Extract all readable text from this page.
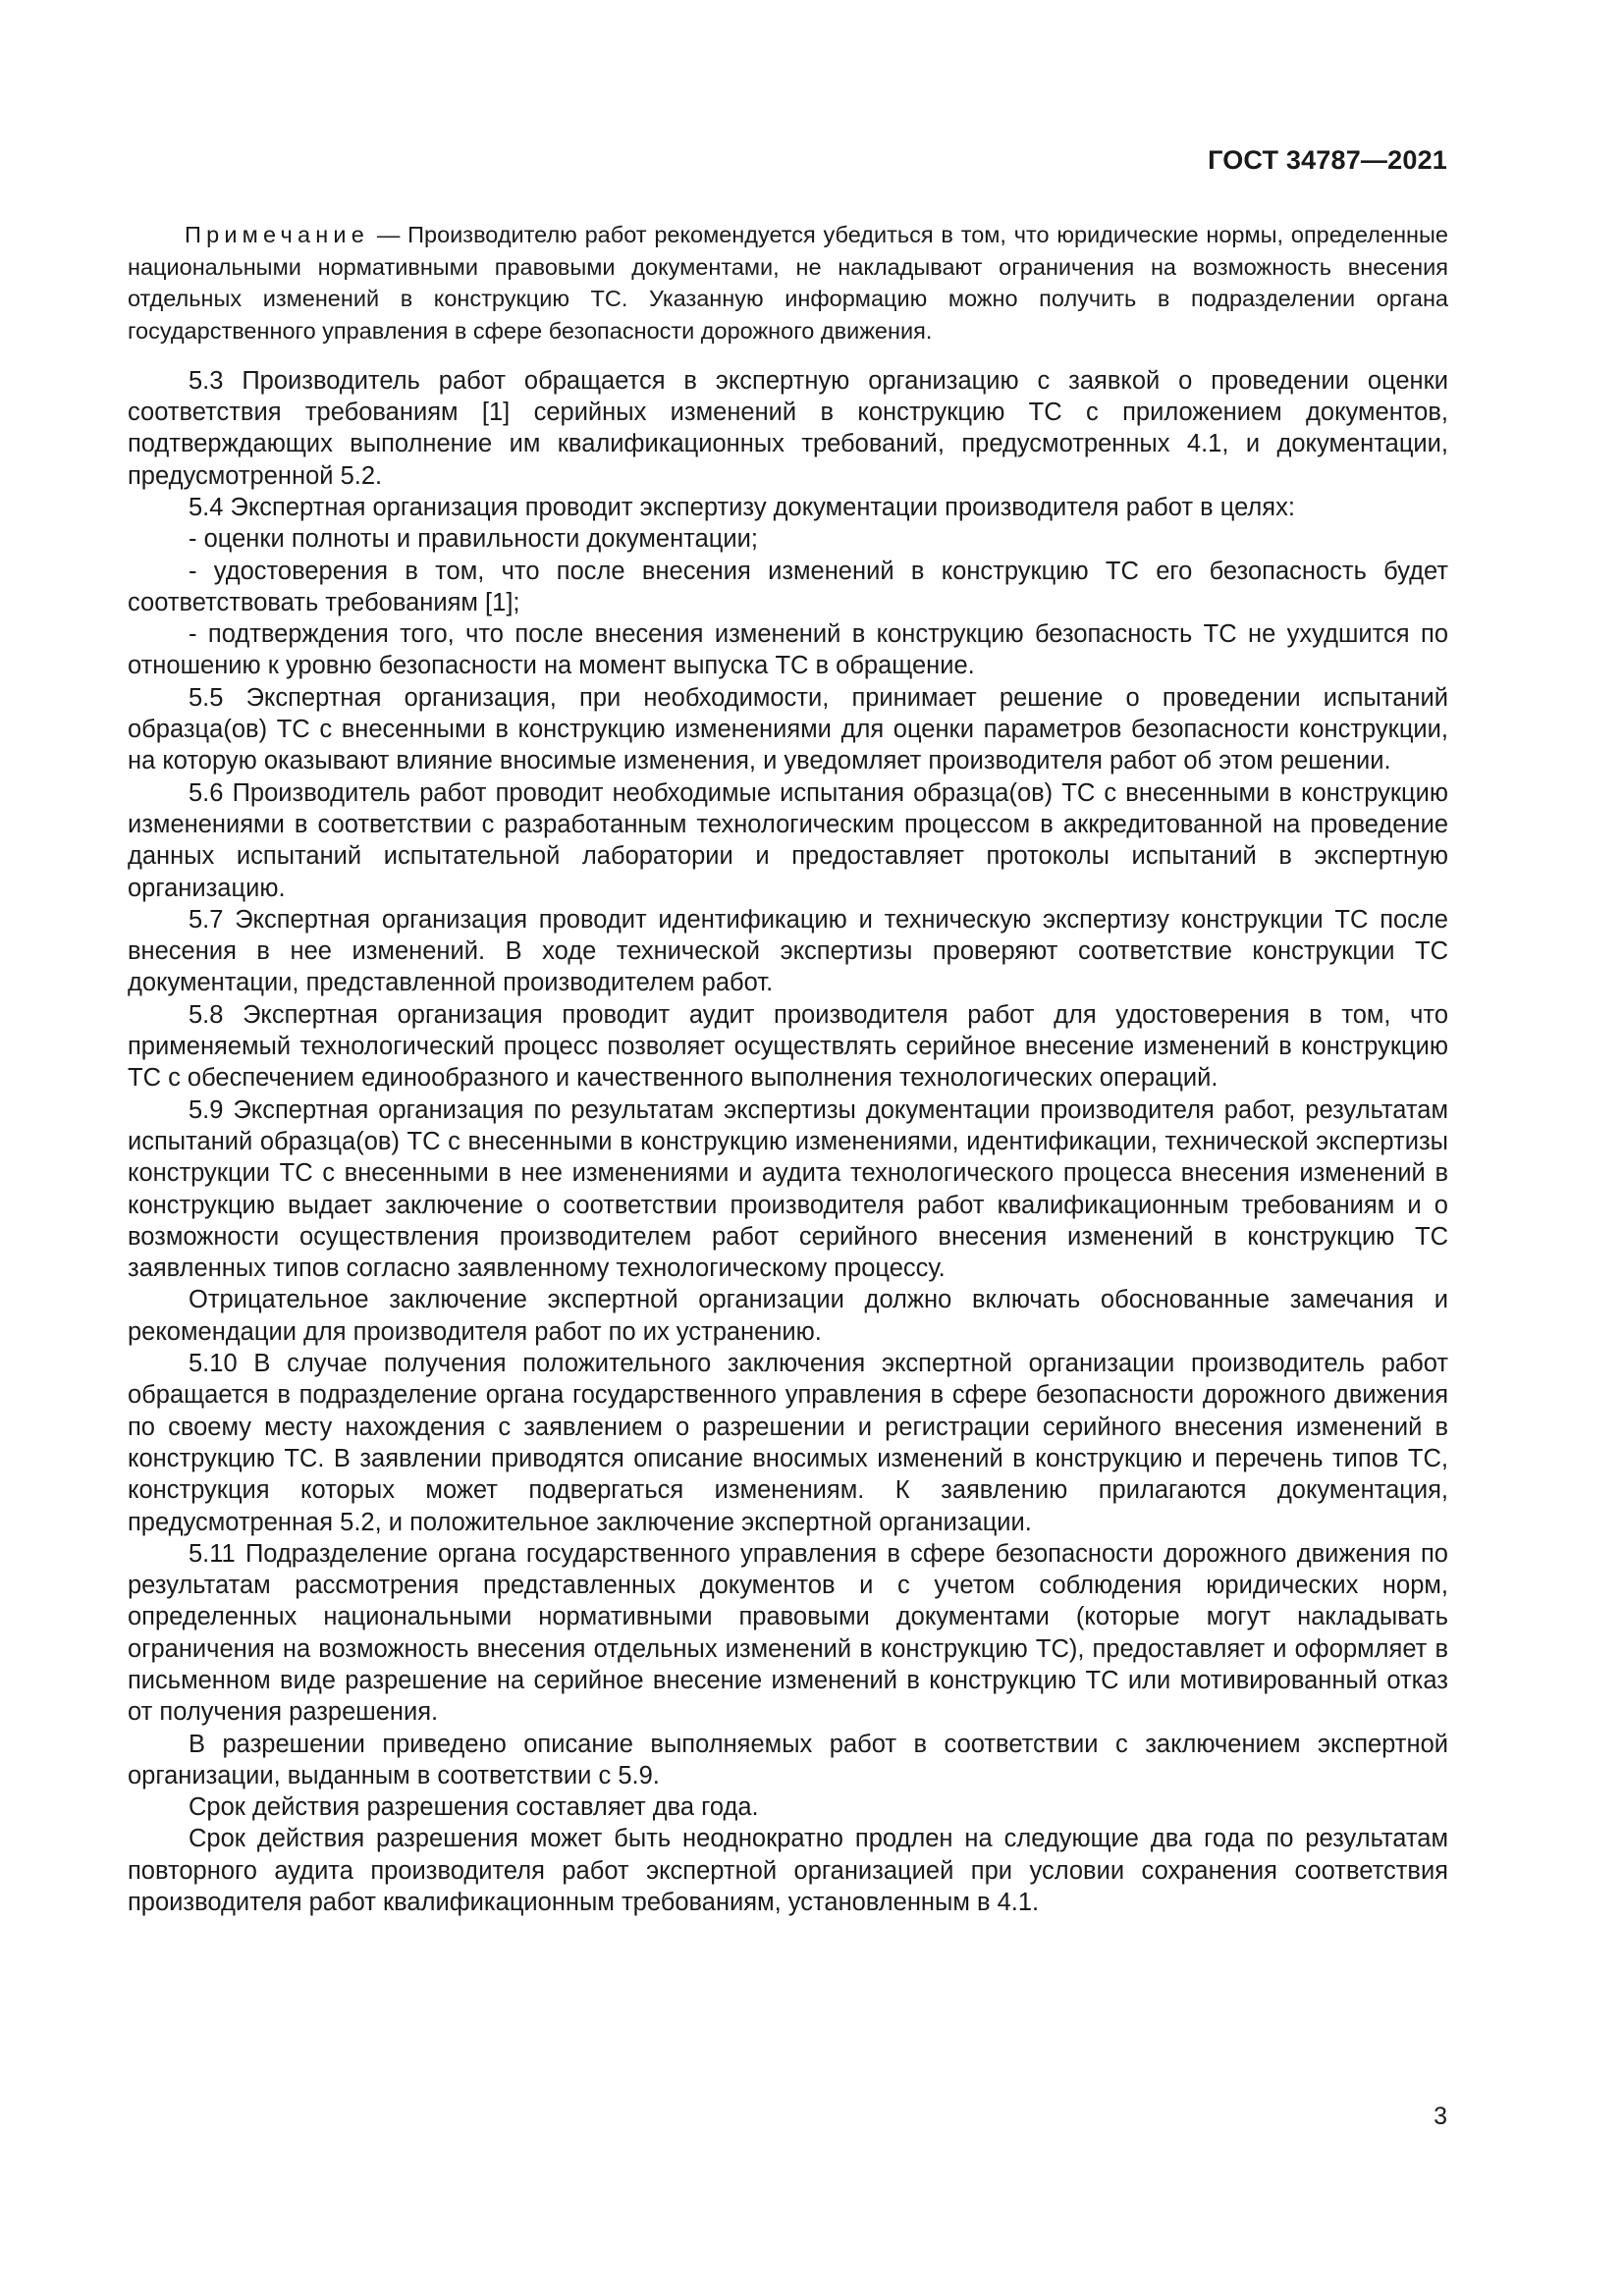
ГОСТ 34787—2021

Примечание — Производителю работ рекомендуется убедиться в том, что юридические нормы, определенные национальными нормативными правовыми документами, не накладывают ограничения на возможность внесения отдельных изменений в конструкцию ТС. Указанную информацию можно получить в подразделении органа государственного управления в сфере безопасности дорожного движения.

5.3 Производитель работ обращается в экспертную организацию с заявкой о проведении оценки соответствия требованиям [1] серийных изменений в конструкцию ТС с приложением документов, подтверждающих выполнение им квалификационных требований, предусмотренных 4.1, и документации, предусмотренной 5.2.

5.4 Экспертная организация проводит экспертизу документации производителя работ в целях:

- оценки полноты и правильности документации;

- удостоверения в том, что после внесения изменений в конструкцию ТС его безопасность будет соответствовать требованиям [1];

- подтверждения того, что после внесения изменений в конструкцию безопасность ТС не ухудшится по отношению к уровню безопасности на момент выпуска ТС в обращение.

5.5 Экспертная организация, при необходимости, принимает решение о проведении испытаний образца(ов) ТС с внесенными в конструкцию изменениями для оценки параметров безопасности конструкции, на которую оказывают влияние вносимые изменения, и уведомляет производителя работ об этом решении.

5.6 Производитель работ проводит необходимые испытания образца(ов) ТС с внесенными в конструкцию изменениями в соответствии с разработанным технологическим процессом в аккредитованной на проведение данных испытаний испытательной лаборатории и предоставляет протоколы испытаний в экспертную организацию.

5.7 Экспертная организация проводит идентификацию и техническую экспертизу конструкции ТС после внесения в нее изменений. В ходе технической экспертизы проверяют соответствие конструкции ТС документации, представленной производителем работ.

5.8 Экспертная организация проводит аудит производителя работ для удостоверения в том, что применяемый технологический процесс позволяет осуществлять серийное внесение изменений в конструкцию ТС с обеспечением единообразного и качественного выполнения технологических операций.

5.9 Экспертная организация по результатам экспертизы документации производителя работ, результатам испытаний образца(ов) ТС с внесенными в конструкцию изменениями, идентификации, технической экспертизы конструкции ТС с внесенными в нее изменениями и аудита технологического процесса внесения изменений в конструкцию выдает заключение о соответствии производителя работ квалификационным требованиям и о возможности осуществления производителем работ серийного внесения изменений в конструкцию ТС заявленных типов согласно заявленному технологическому процессу.

Отрицательное заключение экспертной организации должно включать обоснованные замечания и рекомендации для производителя работ по их устранению.

5.10 В случае получения положительного заключения экспертной организации производитель работ обращается в подразделение органа государственного управления в сфере безопасности дорожного движения по своему месту нахождения с заявлением о разрешении и регистрации серийного внесения изменений в конструкцию ТС. В заявлении приводятся описание вносимых изменений в конструкцию и перечень типов ТС, конструкция которых может подвергаться изменениям. К заявлению прилагаются документация, предусмотренная 5.2, и положительное заключение экспертной организации.

5.11 Подразделение органа государственного управления в сфере безопасности дорожного движения по результатам рассмотрения представленных документов и с учетом соблюдения юридических норм, определенных национальными нормативными правовыми документами (которые могут накладывать ограничения на возможность внесения отдельных изменений в конструкцию ТС), предоставляет и оформляет в письменном виде разрешение на серийное внесение изменений в конструкцию ТС или мотивированный отказ от получения разрешения.

В разрешении приведено описание выполняемых работ в соответствии с заключением экспертной организации, выданным в соответствии с 5.9.

Срок действия разрешения составляет два года.

Срок действия разрешения может быть неоднократно продлен на следующие два года по результатам повторного аудита производителя работ экспертной организацией при условии сохранения соответствия производителя работ квалификационным требованиям, установленным в 4.1.

3
